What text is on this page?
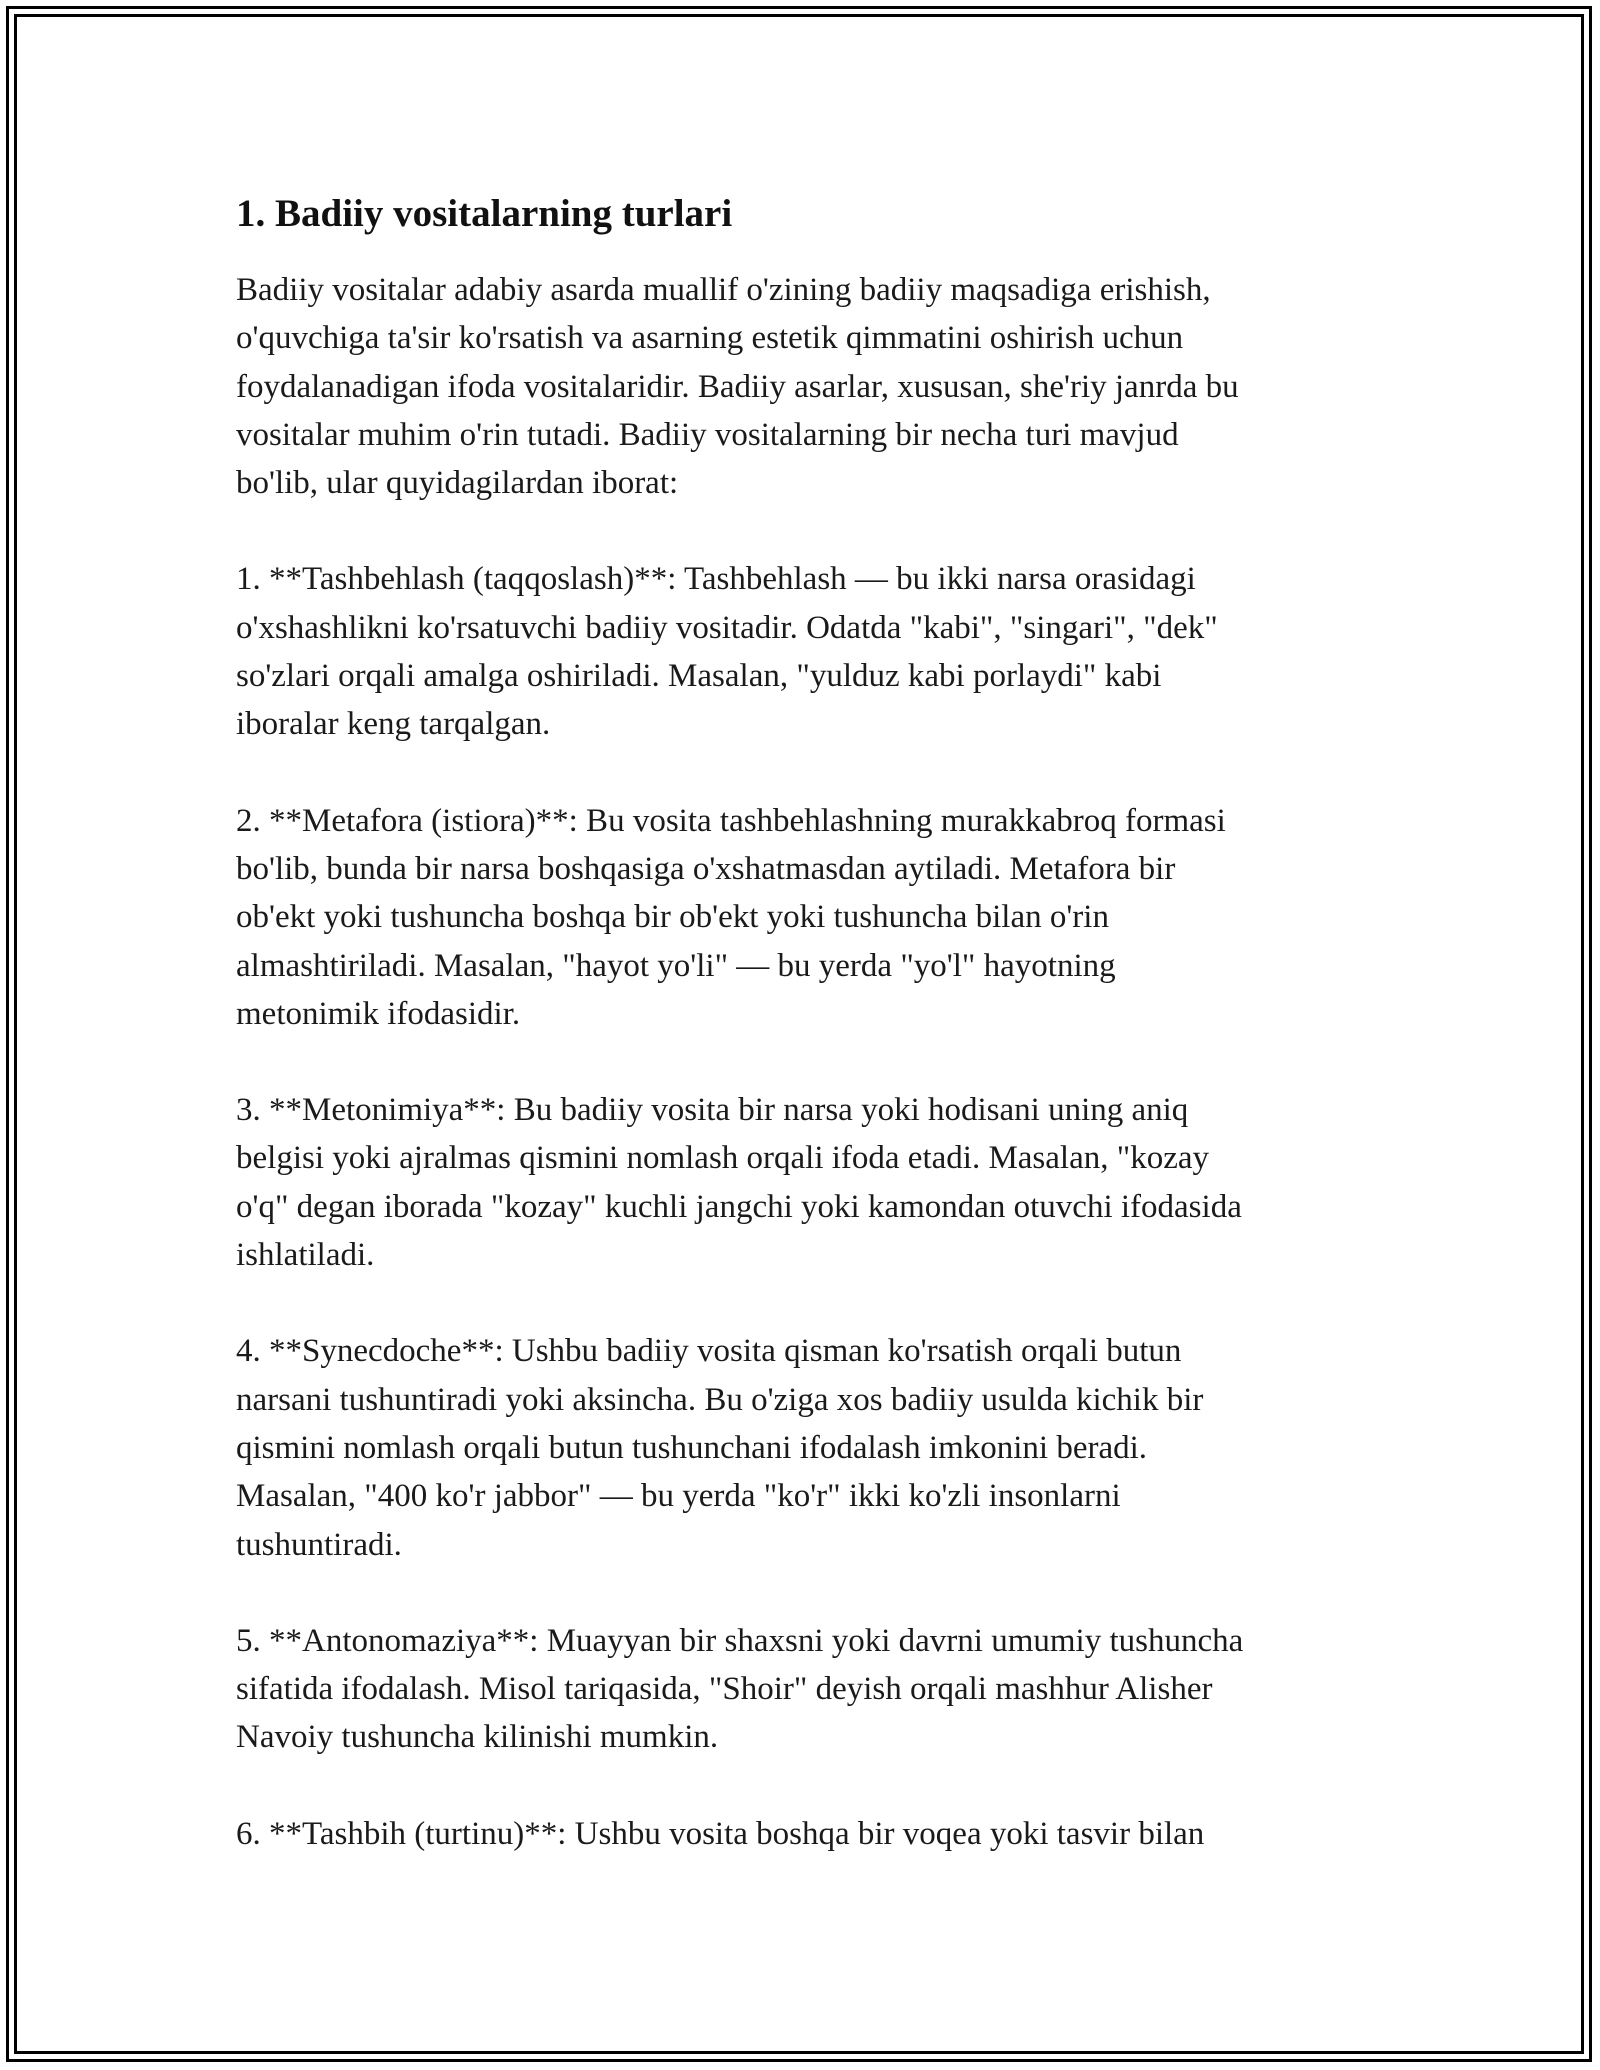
1. Badiiy vositalarning turlari

Badiiy vositalar adabiy asarda muallif o'zining badiiy maqsadiga erishish,
o'quvchiga ta'sir ko'rsatish va asarning estetik qimmatini oshirish uchun
foydalanadigan ifoda vositalaridir. Badiiy asarlar, xususan, she'riy janrda bu
vositalar muhim o'rin tutadi. Badiiy vositalarning bir necha turi mavjud
bo'lib, ular quyidagilardan iborat:

1. **Tashbehlash (taqqoslash)**: Tashbehlash — bu ikki narsa orasidagi
o'xshashlikni ko'rsatuvchi badiiy vositadir. Odatda "kabi", "singari", "dek"
so'zlari orqali amalga oshiriladi. Masalan, "yulduz kabi porlaydi" kabi
iboralar keng tarqalgan.

2. **Metafora (istiora)**: Bu vosita tashbehlashning murakkabroq formasi
bo'lib, bunda bir narsa boshqasiga o'xshatmasdan aytiladi. Metafora bir
ob'ekt yoki tushuncha boshqa bir ob'ekt yoki tushuncha bilan o'rin
almashtiriladi. Masalan, "hayot yo'li" — bu yerda "yo'l" hayotning
metonimik ifodasidir.

3. **Metonimiya**: Bu badiiy vosita bir narsa yoki hodisani uning aniq
belgisi yoki ajralmas qismini nomlash orqali ifoda etadi. Masalan, "kozay
o'q" degan iborada "kozay" kuchli jangchi yoki kamondan otuvchi ifodasida
ishlatiladi.

4. **Synecdoche**: Ushbu badiiy vosita qisman ko'rsatish orqali butun
narsani tushuntiradi yoki aksincha. Bu o'ziga xos badiiy usulda kichik bir
qismini nomlash orqali butun tushunchani ifodalash imkonini beradi.
Masalan, "400 ko'r jabbor" — bu yerda "ko'r" ikki ko'zli insonlarni
tushuntiradi.

5. **Antonomaziya**: Muayyan bir shaxsni yoki davrni umumiy tushuncha
sifatida ifodalash. Misol tariqasida, "Shoir" deyish orqali mashhur Alisher
Navoiy tushuncha kilinishi mumkin.

6. **Tashbih (turtinu)**: Ushbu vosita boshqa bir voqea yoki tasvir bilan
